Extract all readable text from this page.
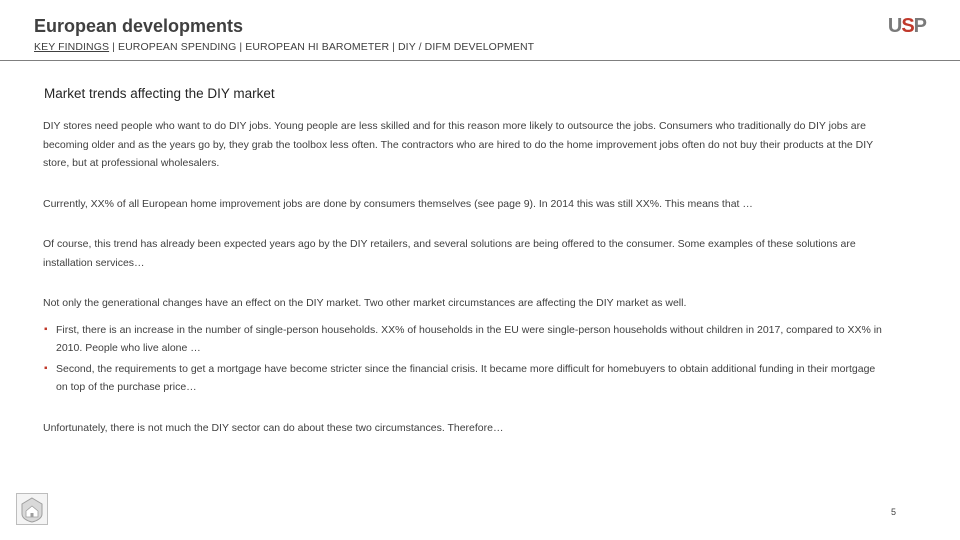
European developments
KEY FINDINGS | EUROPEAN SPENDING | EUROPEAN HI BAROMETER | DIY / DIFM DEVELOPMENT
USP
Market trends affecting the DIY market

DIY stores need people who want to do DIY jobs. Young people are less skilled and for this reason more likely to outsource the jobs. Consumers who traditionally do DIY jobs are becoming older and as the years go by, they grab the toolbox less often. The contractors who are hired to do the home improvement jobs often do not buy their products at the DIY store, but at professional wholesalers.

Currently, XX% of all European home improvement jobs are done by consumers themselves (see page 9). In 2014 this was still XX%. This means that …

Of course, this trend has already been expected years ago by the DIY retailers, and several solutions are being offered to the consumer. Some examples of these solutions are installation services…

Not only the generational changes have an effect on the DIY market. Two other market circumstances are affecting the DIY market as well.

▪ First, there is an increase in the number of single-person households. XX% of households in the EU were single-person households without children in 2017, compared to XX% in 2010. People who live alone …
▪ Second, the requirements to get a mortgage have become stricter since the financial crisis. It became more difficult for homebuyers to obtain additional funding in their mortgage on top of the purchase price…

Unfortunately, there is not much the DIY sector can do about these two circumstances. Therefore…

5
